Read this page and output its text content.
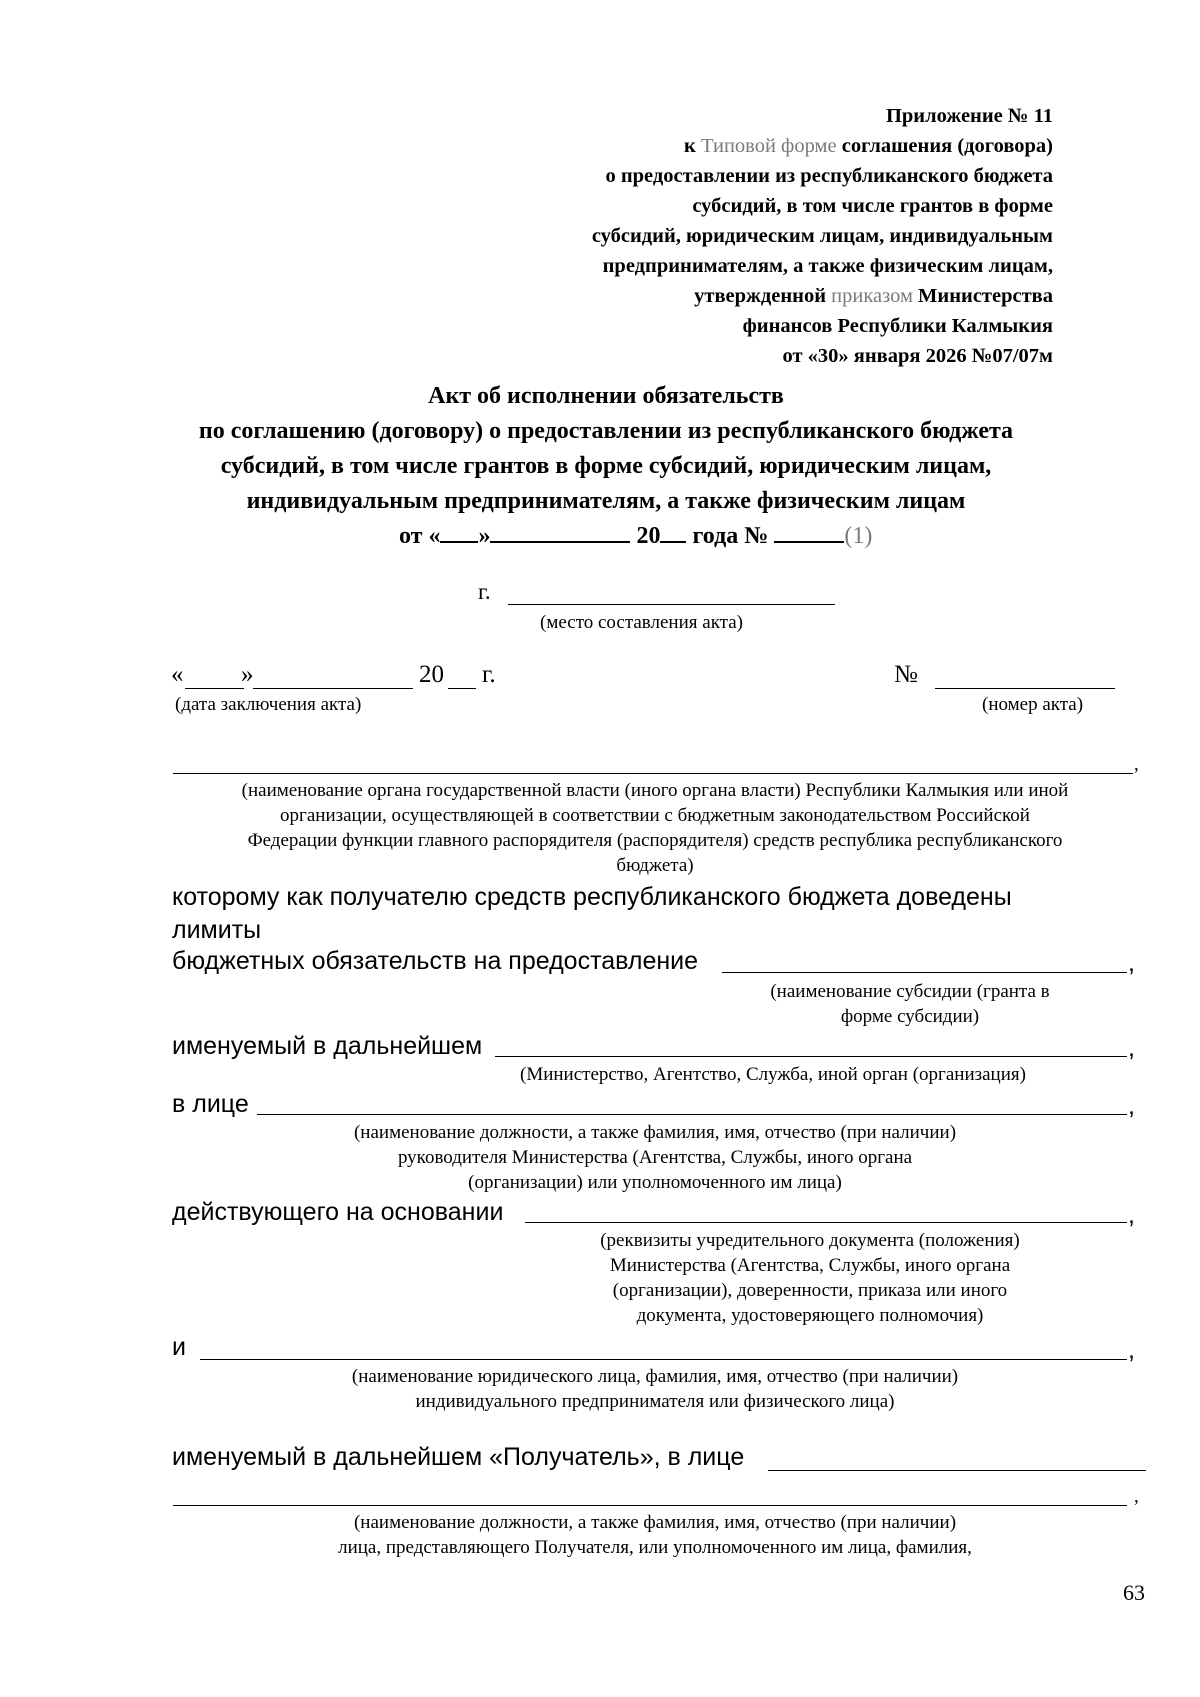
Приложение № 11
к Типовой форме соглашения (договора)
о предоставлении из республиканского бюджета
субсидий, в том числе грантов в форме
субсидий, юридическим лицам, индивидуальным
предпринимателям, а также физическим лицам,
утвержденной приказом Министерства
финансов Республики Калмыкия
от «30» января 2026 №07/07м
Акт об исполнении обязательств
по соглашению (договору) о предоставлении из республиканского бюджета
субсидий, в том числе грантов в форме субсидий, юридическим лицам,
индивидуальным предпринимателям, а также физическим лицам
от « »	20 года №	(1)
г.
(место составления акта)
« »	20 г.
(дата заключения акта)
№
(номер акта)
,
(наименование органа государственной власти (иного органа власти) Республики Калмыкия или иной
организации, осуществляющей в соответствии с бюджетным законодательством Российской
Федерации функции главного распорядителя (распорядителя) средств республика республиканского
бюджета)
которому как получателю средств республиканского бюджета доведены
лимиты
бюджетных обязательств на предоставление	,
(наименование субсидии (гранта в
форме субсидии)
именуемый в дальнейшем	,
(Министерство, Агентство, Служба, иной орган (организация)
в лице	,
(наименование должности, а также фамилия, имя, отчество (при наличии)
руководителя Министерства (Агентства, Службы, иного органа
(организации) или уполномоченного им лица)
действующего на основании	,
(реквизиты учредительного документа (положения)
Министерства (Агентства, Службы, иного органа
(организации), доверенности, приказа или иного
документа, удостоверяющего полномочия)
и	,
(наименование юридического лица, фамилия, имя, отчество (при наличии)
индивидуального предпринимателя или физического лица)
именуемый в дальнейшем «Получатель», в лице
,
(наименование должности, а также фамилия, имя, отчество (при наличии)
лица, представляющего Получателя, или уполномоченного им лица, фамилия,
63
